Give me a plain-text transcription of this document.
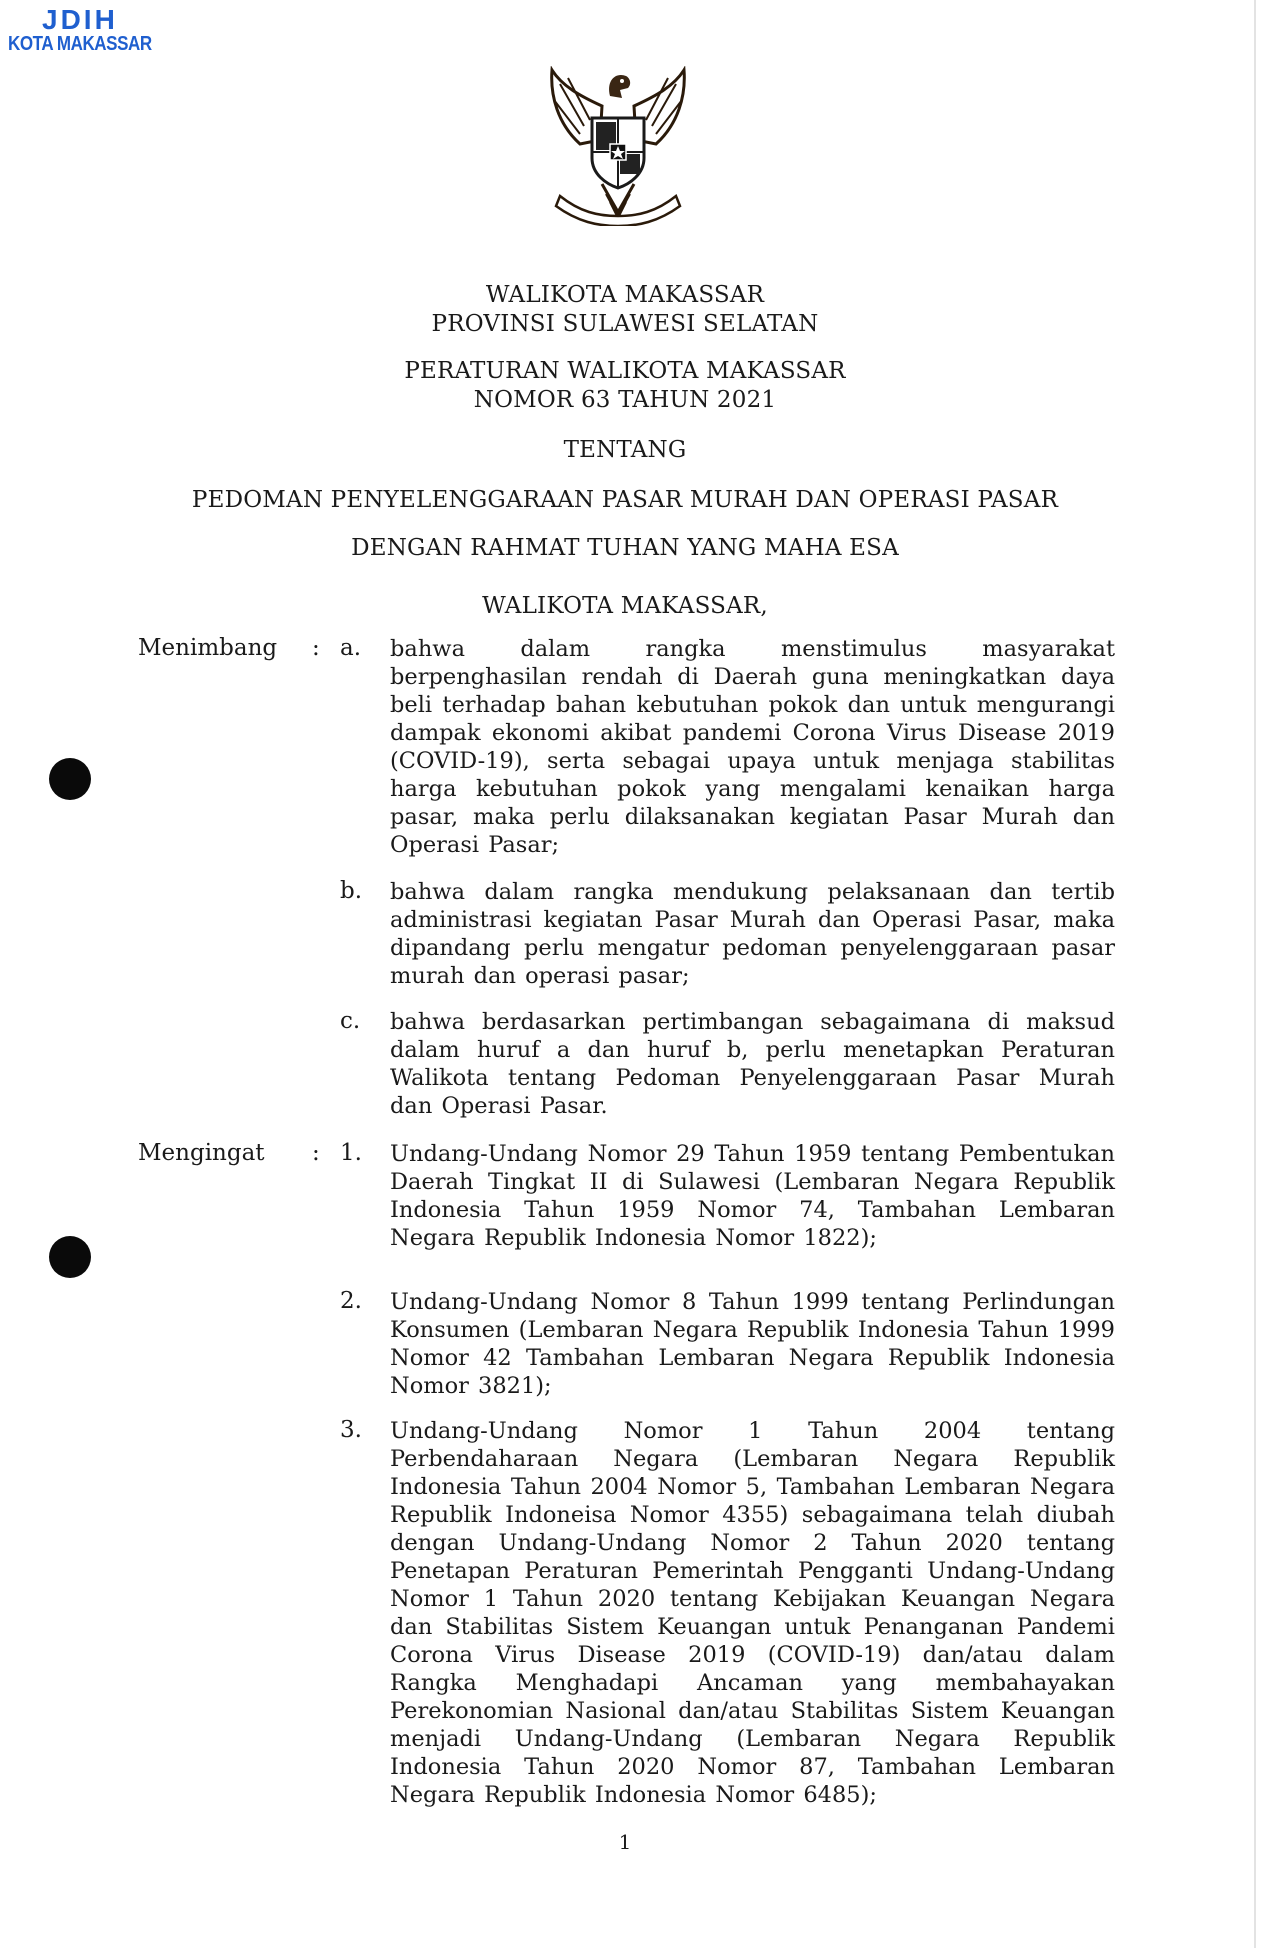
JDIH
KOTA MAKASSAR
WALIKOTA MAKASSAR
PROVINSI SULAWESI SELATAN
PERATURAN WALIKOTA MAKASSAR
NOMOR 63 TAHUN 2021
TENTANG
PEDOMAN PENYELENGGARAAN PASAR MURAH DAN OPERASI PASAR
DENGAN RAHMAT TUHAN YANG MAHA ESA
WALIKOTA MAKASSAR,
Menimbang : a. bahwa dalam rangka menstimulus masyarakat berpenghasilan rendah di Daerah guna meningkatkan daya beli terhadap bahan kebutuhan pokok dan untuk mengurangi dampak ekonomi akibat pandemi Corona Virus Disease 2019 (COVID-19), serta sebagai upaya untuk menjaga stabilitas harga kebutuhan pokok yang mengalami kenaikan harga pasar, maka perlu dilaksanakan kegiatan Pasar Murah dan Operasi Pasar;
b. bahwa dalam rangka mendukung pelaksanaan dan tertib administrasi kegiatan Pasar Murah dan Operasi Pasar, maka dipandang perlu mengatur pedoman penyelenggaraan pasar murah dan operasi pasar;
c. bahwa berdasarkan pertimbangan sebagaimana di maksud dalam huruf a dan huruf b, perlu menetapkan Peraturan Walikota tentang Pedoman Penyelenggaraan Pasar Murah dan Operasi Pasar.
Mengingat : 1. Undang-Undang Nomor 29 Tahun 1959 tentang Pembentukan Daerah Tingkat II di Sulawesi (Lembaran Negara Republik Indonesia Tahun 1959 Nomor 74, Tambahan Lembaran Negara Republik Indonesia Nomor 1822);
2. Undang-Undang Nomor 8 Tahun 1999 tentang Perlindungan Konsumen (Lembaran Negara Republik Indonesia Tahun 1999 Nomor 42 Tambahan Lembaran Negara Republik Indonesia Nomor 3821);
3. Undang-Undang Nomor 1 Tahun 2004 tentang Perbendaharaan Negara (Lembaran Negara Republik Indonesia Tahun 2004 Nomor 5, Tambahan Lembaran Negara Republik Indoneisa Nomor 4355) sebagaimana telah diubah dengan Undang-Undang Nomor 2 Tahun 2020 tentang Penetapan Peraturan Pemerintah Pengganti Undang-Undang Nomor 1 Tahun 2020 tentang Kebijakan Keuangan Negara dan Stabilitas Sistem Keuangan untuk Penanganan Pandemi Corona Virus Disease 2019 (COVID-19) dan/atau dalam Rangka Menghadapi Ancaman yang membahayakan Perekonomian Nasional dan/atau Stabilitas Sistem Keuangan menjadi Undang-Undang (Lembaran Negara Republik Indonesia Tahun 2020 Nomor 87, Tambahan Lembaran Negara Republik Indonesia Nomor 6485);
1
